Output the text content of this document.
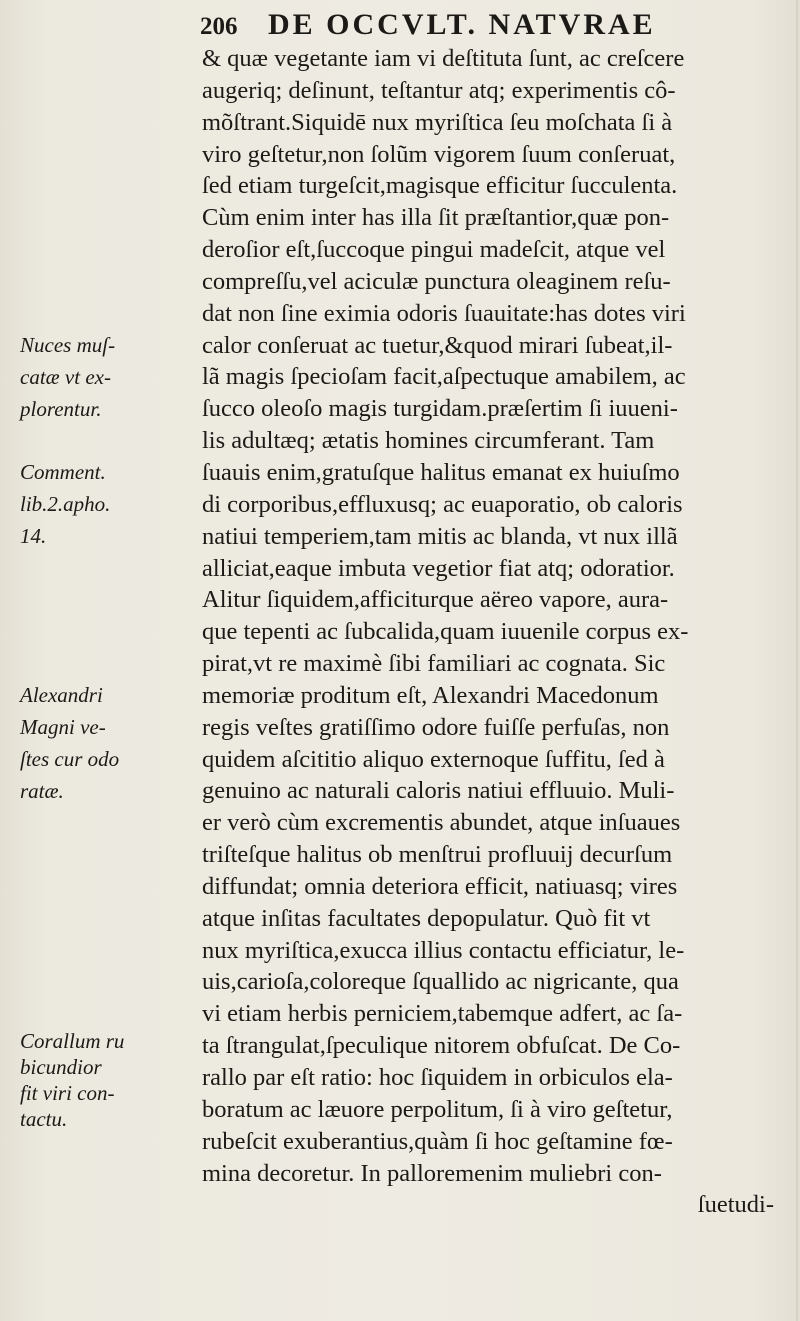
206 DE OCCVLT. NATVRAE
& quæ vegetante iam vi deſtituta ſunt, ac creſcere
augeriq; deſinunt, teſtantur atq; experimentis cô-
mõſtrant.Siquidē nux myriſtica ſeu moſchata ſi à
viro geſtetur,non ſolũm vigorem ſuum conſeruat,
ſed etiam turgeſcit,magisque efficitur ſucculenta.
Cùm enim inter has illa ſit præſtantior,quæ pon-
deroſior eſt,ſuccoque pingui madeſcit, atque vel
compreſſu,vel aciculæ punctura oleaginem reſu-
dat non ſine eximia odoris ſuauitate:has dotes viri
calor conſeruat ac tuetur,&quod mirari ſubeat,il-
lã magis ſpecioſam facit,aſpectuque amabilem, ac
ſucco oleoſo magis turgidam.præſertim ſi iuueni-
lis adultæq; ætatis homines circumferant. Tam
ſuauis enim,gratuſque halitus emanat ex huiuſmo
di corporibus,effluxusq; ac euaporatio, ob caloris
natiui temperiem,tam mitis ac blanda, vt nux illã
alliciat,eaque imbuta vegetior fiat atq; odoratior.
Alitur ſiquidem,afficiturque aëreo vapore, aura-
que tepenti ac ſubcalida,quam iuuenile corpus ex-
pirat,vt re maximè ſibi familiari ac cognata. Sic
memoriæ proditum eſt, Alexandri Macedonum
regis veſtes gratiſſimo odore fuiſſe perfuſas, non
quidem aſcititio aliquo externoque ſuffitu, ſed à
genuino ac naturali caloris natiui effluuio. Muli-
er verò cùm excrementis abundet, atque inſuaues
triſteſque halitus ob menſtrui profluuij decurſum
diffundat; omnia deteriora efficit, natiuasq; vires
atque inſitas facultates depopulatur. Quò fit vt
nux myriſtica,exucca illius contactu efficiatur, le-
uis,carioſa,coloreque ſquallido ac nigricante, qua
vi etiam herbis perniciem,tabemque adfert, ac ſa-
ta ſtrangulat,ſpeculique nitorem obfuſcat. De Co-
rallo par eſt ratio: hoc ſiquidem in orbiculos ela-
boratum ac læuore perpolitum, ſi à viro geſtetur,
rubeſcit exuberantius,quàm ſi hoc geſtamine fœ-
mina decoretur. In palloremenim muliebri con-
ſuetudi-
Nuces muſ-
catæ vt ex-
plorentur.
Comment.
lib.2.apho.
14.
Alexandri
Magni ve-
ſtes cur odo
ratæ.
Corallum ru
bicundior
fit viri con-
tactu.
